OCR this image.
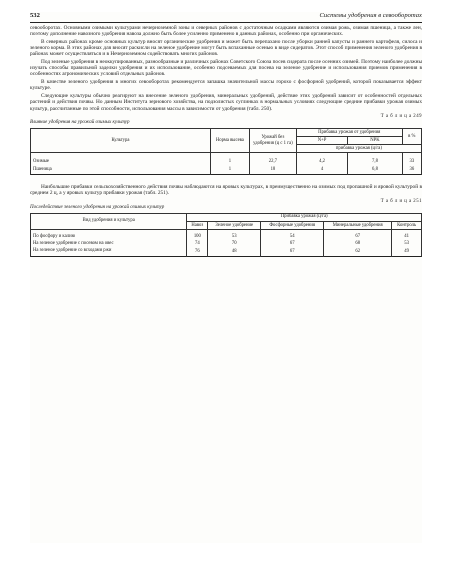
532	Системы удобрения в севооборотах

севооборотах. Основными озимыми культурами нечерноземной зоны и северных районов с достаточным осадками являются озимая рожь, озимая пшеница, а также лен, поэтому дополнение навозного удобрения навоза должно быть более усиленно применено в данных районах, особенно при органических.

В северных районах кроме основных культур вносят органические удобрения и может быть перепахано после уборки ранней капусты и раннего картофеля, силоса и зеленого корма. В этих районах для вносят раскисли на зеленое удобрение могут быть вспаханные осенью в виде сидератов. Этот способ применения зеленого удобрения в районах может осуществляться и в Нечерноземном содействовать многих районов.

Под зеленые удобрения в неоккупированных, разнообразные и различных районах Советского Союза посев сидерата после осенних озимей. Поэтому наиболее должны изучать способы правильной заделки удобрения и их использование, особенно подсеваемых для посева на зеленое удобрение и использования приемов применения в особенностях агрономических условий отдельных районов.

В качестве зеленого удобрения в многих севооборотах рекомендуется запашка значительной массы горохо с фосфорной удобрений, которой показывается эффект культуре.

Следующие культуры обычно реагируют на внесение зеленого удобрения, минеральных удобрений, действие этих удобрений зависит от особенностей отдельных растений и действия почвы. Но данным Института зернового хозяйства, на подзолистых суглинках в нормальных условиях следующие средние прибавки урожая озимых культур, рассчитанные по этой способности, использования массы в зависимости от удобрения (табл. 250).

Т а б л и ц а 249
Влияние удобрения на урожай озимых культур
Культура	Норма высева	Урожай без удобрения (ц с 1 га)	Прибавка урожая от удобрения		в %
			N+P	NPK	
			прибавка урожая (ц/га)		
Озимые	1	22,7	4,2	7,8	33
Пшеница	1	18	4	6,8	36

Наибольшие прибавки сельскохозяйственного действия почвы наблюдаются на яровых культурах, в преимущественно на озимых под пропашной и яровой культурой в среднем 2 ц, а у яровых культур прибавки урожая (табл. 251).

Т а б л и ц а 251
Последействие зеленого удобрения на урожай озимых культур
Вид удобрения и культура	Прибавка урожая (ц/га)				
	Навоз	Зеленое удобрение	Фосфорные удобрения	Минеральные удобрения	Контроль
По фосфору и калию	100	53	54	67	41
На зеленое удобрение с посевом на овес	74	70	67	68	53
На зеленое удобрение со всходами ржи	76	48	67	62	49
